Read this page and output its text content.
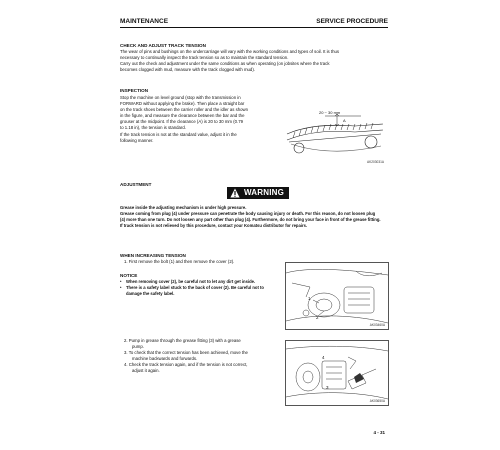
MAINTENANCE	SERVICE PROCEDURE
CHECK AND ADJUST TRACK TENSION
The wear of pins and bushings on the undercarriage will vary with the working conditions and types of soil. It is thus
necessary to continually inspect the track tension so as to maintain the standard tension.
Carry out the check and adjustment under the same conditions as when operating (on jobsites where the track
becomes clogged with mud, measure with the track clogged with mud).
INSPECTION
Stop the machine on level ground (stop with the transmission in
FORWARD without applying the brake). Then place a straight bar
on the track shoes between the carrier roller and the idler as shown
in the figure, and measure the clearance between the bar and the
grouser at the midpoint. If the clearance (A) is 20 to 30 mm (0.79
to 1.18 in), the tension is standard.
If the track tension is not at the standard value, adjust it in the
following manner.
20 ~ 30 mm
A
AK203031A
ADJUSTMENT
WARNING
Grease inside the adjusting mechanism is under high pressure.
Grease coming from plug (4) under pressure can penetrate the body causing injury or death. For this reason, do not loosen plug
(4) more than one turn. Do not loosen any part other than plug (4). Furthermore, do not bring your face in front of the grease fitting.
If track tension is not relieved by this procedure, contact your Komatsu distributor for repairs.
WHEN INCREASING TENSION
1. First remove the bolt (1) and then remove the cover (2).
NOTICE
• When removing cover (2), be careful not to let any dirt get inside.
• There is a safety label stuck to the back of cover (2). Be careful not to
damage the safety label.
1
2
AK03460A
2. Pump in grease through the grease fitting (3) with a grease
pump.
3. To check that the correct tension has been achieved, move the
machine backwards and forwards.
4. Check the track tension again, and if the tension is not correct,
adjust it again.
4
3
AK03650A
4 - 31
